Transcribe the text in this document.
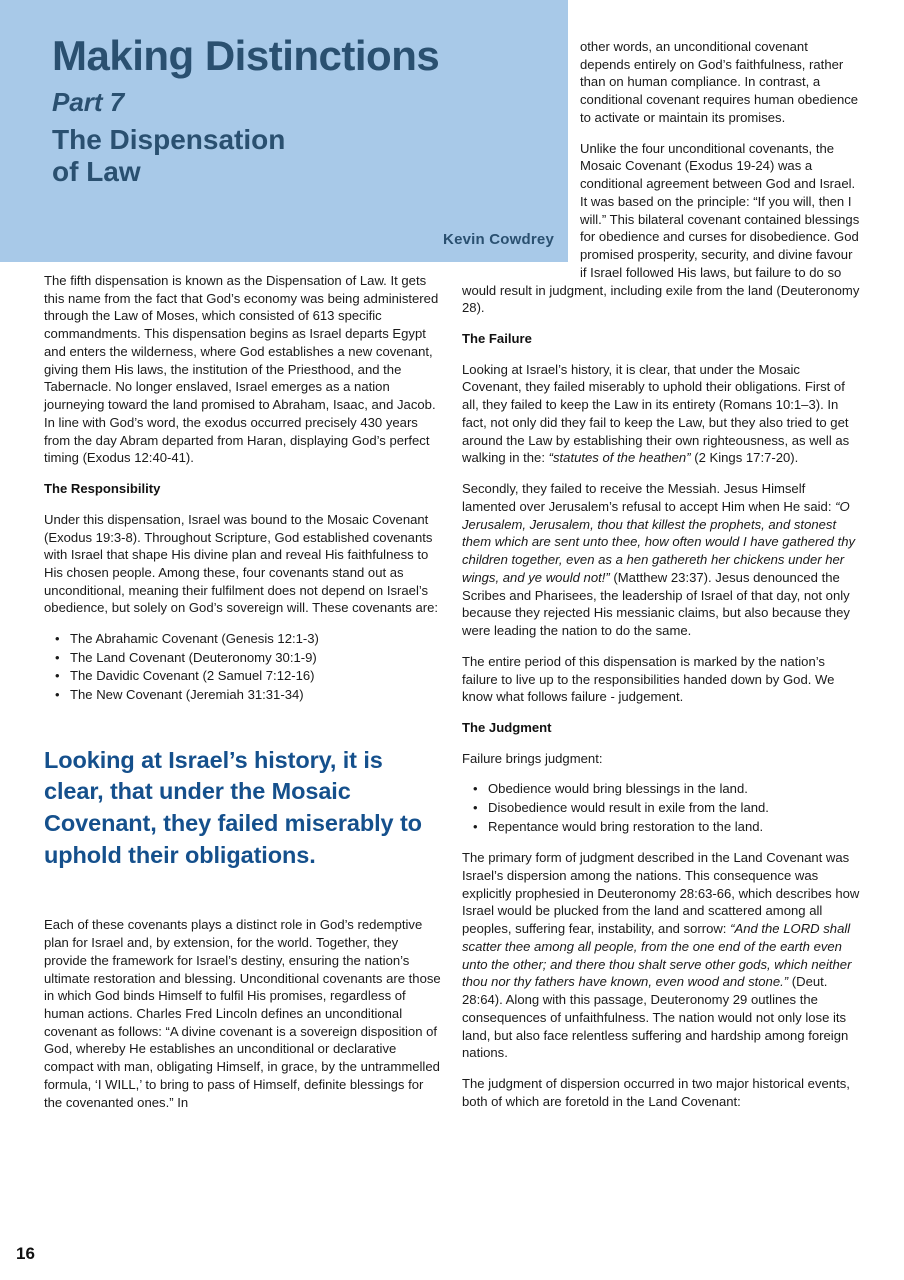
Making Distinctions
Part 7
The Dispensation
of Law
Kevin Cowdrey

The fifth dispensation is known as the Dispensation of Law. It gets this name from the fact that God’s economy was being administered through the Law of Moses, which consisted of 613 specific commandments. This dispensation begins as Israel departs Egypt and enters the wilderness, where God establishes a new covenant, giving them His laws, the institution of the Priesthood, and the Tabernacle. No longer enslaved, Israel emerges as a nation journeying toward the land promised to Abraham, Isaac, and Jacob. In line with God’s word, the exodus occurred precisely 430 years from the day Abram departed from Haran, displaying God’s perfect timing (Exodus 12:40-41).

The Responsibility

Under this dispensation, Israel was bound to the Mosaic Covenant (Exodus 19:3-8). Throughout Scripture, God established covenants with Israel that shape His divine plan and reveal His faithfulness to His chosen people. Among these, four covenants stand out as unconditional, meaning their fulfilment does not depend on Israel’s obedience, but solely on God’s sovereign will. These covenants are:

• The Abrahamic Covenant (Genesis 12:1-3)
• The Land Covenant (Deuteronomy 30:1-9)
• The Davidic Covenant (2 Samuel 7:12-16)
• The New Covenant (Jeremiah 31:31-34)
Looking at Israel’s history, it is clear, that under the Mosaic Covenant, they failed miserably to uphold their obligations.

Each of these covenants plays a distinct role in God’s redemptive plan for Israel and, by extension, for the world. Together, they provide the framework for Israel’s destiny, ensuring the nation’s ultimate restoration and blessing. Unconditional covenants are those in which God binds Himself to fulfil His promises, regardless of human actions. Charles Fred Lincoln defines an unconditional covenant as follows: “A divine covenant is a sovereign disposition of God, whereby He establishes an unconditional or declarative compact with man, obligating Himself, in grace, by the untrammelled formula, ‘I WILL,’ to bring to pass of Himself, definite blessings for the covenanted ones.” In

other words, an unconditional covenant depends entirely on God’s faithfulness, rather than on human compliance. In contrast, a conditional covenant requires human obedience to activate or maintain its promises.

Unlike the four unconditional covenants, the Mosaic Covenant (Exodus 19-24) was a conditional agreement between God and Israel. It was based on the principle: “If you will, then I will.” This bilateral covenant contained blessings for obedience and curses for disobedience. God promised prosperity, security, and divine favour if Israel followed His laws, but failure to do so would result in judgment, including exile from the land (Deuteronomy 28).

The Failure

Looking at Israel’s history, it is clear, that under the Mosaic Covenant, they failed miserably to uphold their obligations. First of all, they failed to keep the Law in its entirety (Romans 10:1–3). In fact, not only did they fail to keep the Law, but they also tried to get around the Law by establishing their own righteousness, as well as walking in the: “statutes of the heathen” (2 Kings 17:7-20).

Secondly, they failed to receive the Messiah. Jesus Himself lamented over Jerusalem’s refusal to accept Him when He said: “O Jerusalem, Jerusalem, thou that killest the prophets, and stonest them which are sent unto thee, how often would I have gathered thy children together, even as a hen gathereth her chickens under her wings, and ye would not!” (Matthew 23:37). Jesus denounced the Scribes and Pharisees, the leadership of Israel of that day, not only because they rejected His messianic claims, but also because they were leading the nation to do the same.

The entire period of this dispensation is marked by the nation’s failure to live up to the responsibilities handed down by God. We know what follows failure - judgement.

The Judgment

Failure brings judgment:

• Obedience would bring blessings in the land.
• Disobedience would result in exile from the land.
• Repentance would bring restoration to the land.

The primary form of judgment described in the Land Covenant was Israel’s dispersion among the nations. This consequence was explicitly prophesied in Deuteronomy 28:63-66, which describes how Israel would be plucked from the land and scattered among all peoples, suffering fear, instability, and sorrow: “And the LORD shall scatter thee among all people, from the one end of the earth even unto the other; and there thou shalt serve other gods, which neither thou nor thy fathers have known, even wood and stone.” (Deut. 28:64). Along with this passage, Deuteronomy 29 outlines the consequences of unfaithfulness. The nation would not only lose its land, but also face relentless suffering and hardship among foreign nations.

The judgment of dispersion occurred in two major historical events, both of which are foretold in the Land Covenant:

16
